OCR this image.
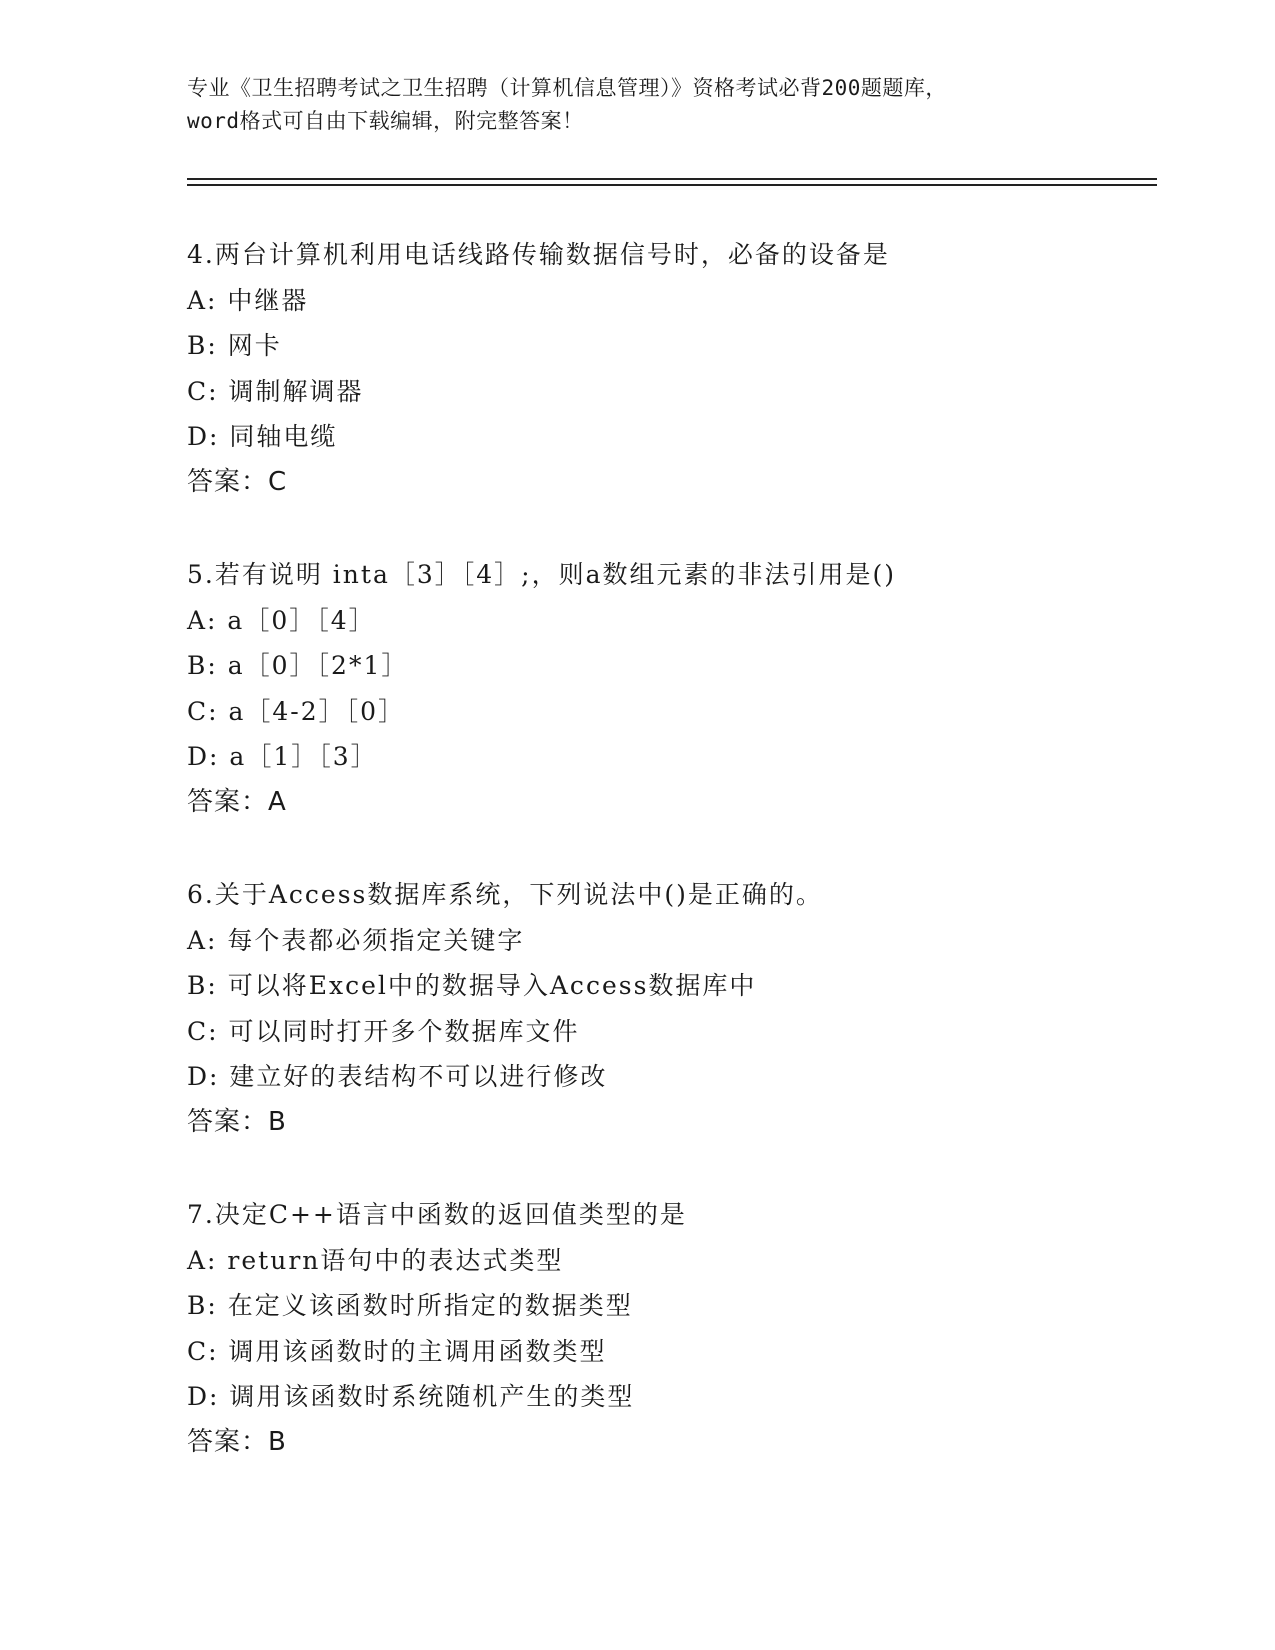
专业《卫生招聘考试之卫生招聘（计算机信息管理）》资格考试必背200题题库，
word格式可自由下载编辑，附完整答案！
4.两台计算机利用电话线路传输数据信号时，必备的设备是
A: 中继器
B: 网卡
C: 调制解调器
D: 同轴电缆
答案：C
5.若有说明 inta［3］［4］;，则a数组元素的非法引用是()
A: a［0］［4］
B: a［0］［2*1］
C: a［4-2］［0］
D: a［1］［3］
答案：A
6.关于Access数据库系统，下列说法中()是正确的。
A: 每个表都必须指定关键字
B: 可以将Excel中的数据导入Access数据库中
C: 可以同时打开多个数据库文件
D: 建立好的表结构不可以进行修改
答案：B
7.决定C++语言中函数的返回值类型的是
A: return语句中的表达式类型
B: 在定义该函数时所指定的数据类型
C: 调用该函数时的主调用函数类型
D: 调用该函数时系统随机产生的类型
答案：B
